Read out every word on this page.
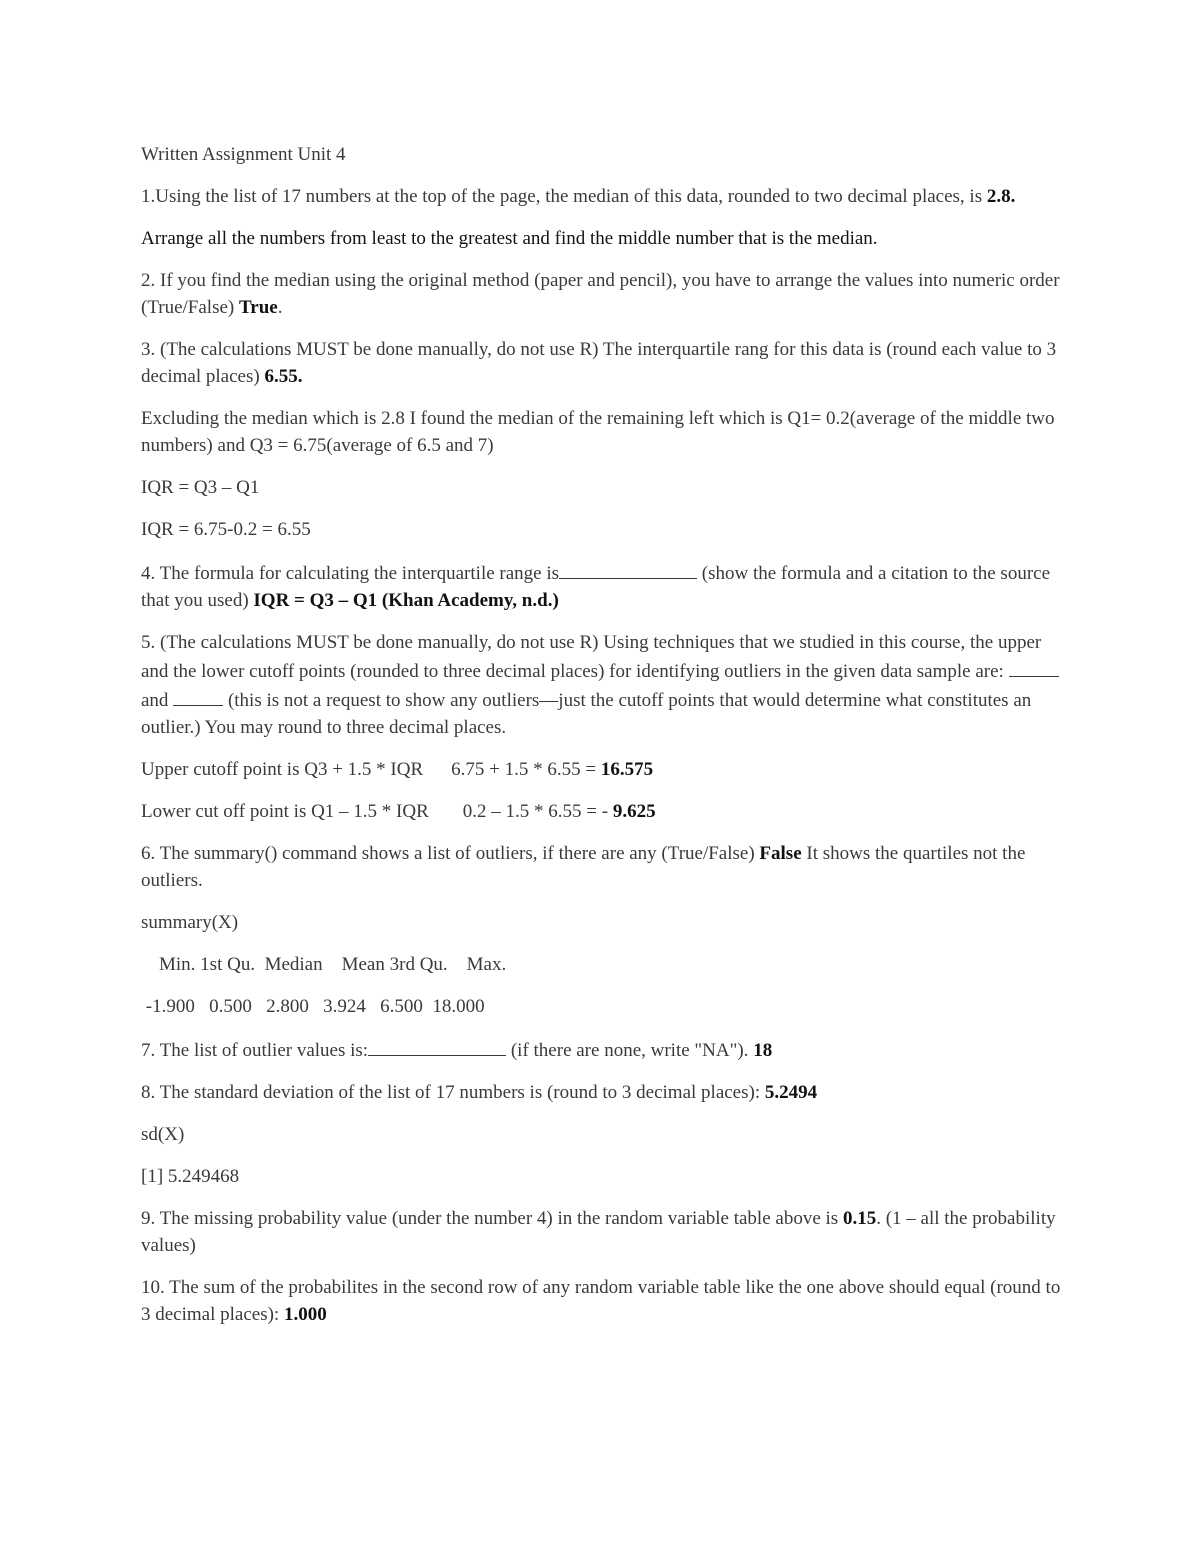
Written Assignment Unit 4

1.Using the list of 17 numbers at the top of the page, the median of this data, rounded to two decimal places, is 2.8.

Arrange all the numbers from least to the greatest and find the middle number that is the median.

2. If you find the median using the original method (paper and pencil), you have to arrange the values into numeric order (True/False) True.

3. (The calculations MUST be done manually, do not use R) The interquartile rang for this data is (round each value to 3 decimal places) 6.55.

Excluding the median which is 2.8 I found the median of the remaining left which is Q1= 0.2(average of the middle two numbers) and Q3 = 6.75(average of 6.5 and 7)

IQR = Q3 – Q1

IQR = 6.75-0.2 = 6.55

4. The formula for calculating the interquartile range is	(show the formula and a citation to the source that you used) IQR = Q3 – Q1 (Khan Academy, n.d.)

5. (The calculations MUST be done manually, do not use R) Using techniques that we studied in this course, the upper and the lower cutoff points (rounded to three decimal places) for identifying outliers in the given data sample are:  and	(this is not a request to show any outliers—just the cutoff points that would determine what constitutes an outlier.) You may round to three decimal places.

Upper cutoff point is Q3 + 1.5 * IQR 6.75 + 1.5 * 6.55 = 16.575

Lower cut off point is Q1 – 1.5 * IQR 0.2 – 1.5 * 6.55 = - 9.625

6. The summary() command shows a list of outliers, if there are any (True/False) False It shows the quartiles not the outliers.

summary(X)

Min. 1st Qu.  Median    Mean 3rd Qu.    Max.

-1.900   0.500   2.800   3.924   6.500  18.000

7. The list of outlier values is:	(if there are none, write "NA"). 18

8. The standard deviation of the list of 17 numbers is (round to 3 decimal places): 5.2494

sd(X)

[1] 5.249468

9. The missing probability value (under the number 4) in the random variable table above is 0.15. (1 – all the probability values)

10. The sum of the probabilites in the second row of any random variable table like the one above should equal (round to 3 decimal places): 1.000
